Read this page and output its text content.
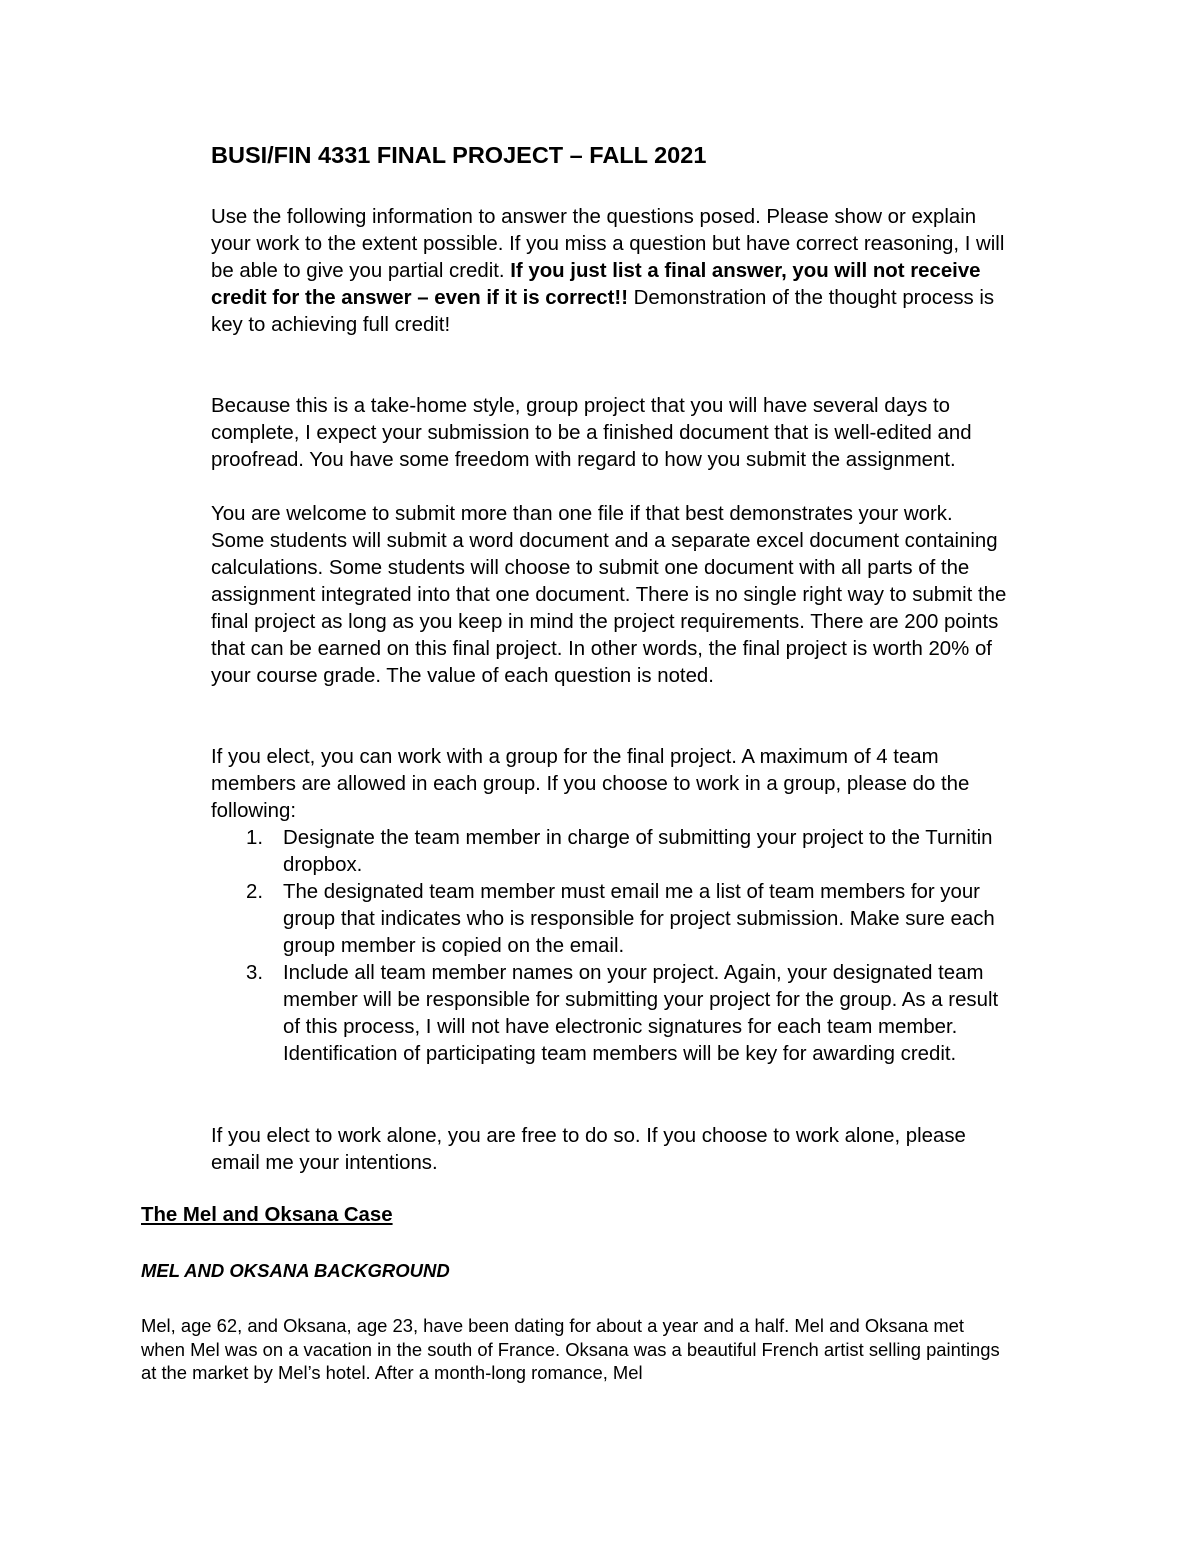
BUSI/FIN 4331 FINAL PROJECT – FALL 2021

Use the following information to answer the questions posed. Please show or explain your work to the extent possible. If you miss a question but have correct reasoning, I will be able to give you partial credit. If you just list a final answer, you will not receive credit for the answer – even if it is correct!! Demonstration of the thought process is key to achieving full credit!

Because this is a take-home style, group project that you will have several days to complete, I expect your submission to be a finished document that is well-edited and proofread. You have some freedom with regard to how you submit the assignment.

You are welcome to submit more than one file if that best demonstrates your work. Some students will submit a word document and a separate excel document containing calculations. Some students will choose to submit one document with all parts of the assignment integrated into that one document. There is no single right way to submit the final project as long as you keep in mind the project requirements. There are 200 points that can be earned on this final project. In other words, the final project is worth 20% of your course grade. The value of each question is noted.

If you elect, you can work with a group for the final project. A maximum of 4 team members are allowed in each group. If you choose to work in a group, please do the following:

1. Designate the team member in charge of submitting your project to the Turnitin dropbox.
2. The designated team member must email me a list of team members for your group that indicates who is responsible for project submission. Make sure each group member is copied on the email.
3. Include all team member names on your project. Again, your designated team member will be responsible for submitting your project for the group. As a result of this process, I will not have electronic signatures for each team member. Identification of participating team members will be key for awarding credit.

If you elect to work alone, you are free to do so. If you choose to work alone, please email me your intentions.

The Mel and Oksana Case
MEL AND OKSANA BACKGROUND

Mel, age 62, and Oksana, age 23, have been dating for about a year and a half. Mel and Oksana met when Mel was on a vacation in the south of France. Oksana was a beautiful French artist selling paintings at the market by Mel’s hotel. After a month-long romance, Mel
